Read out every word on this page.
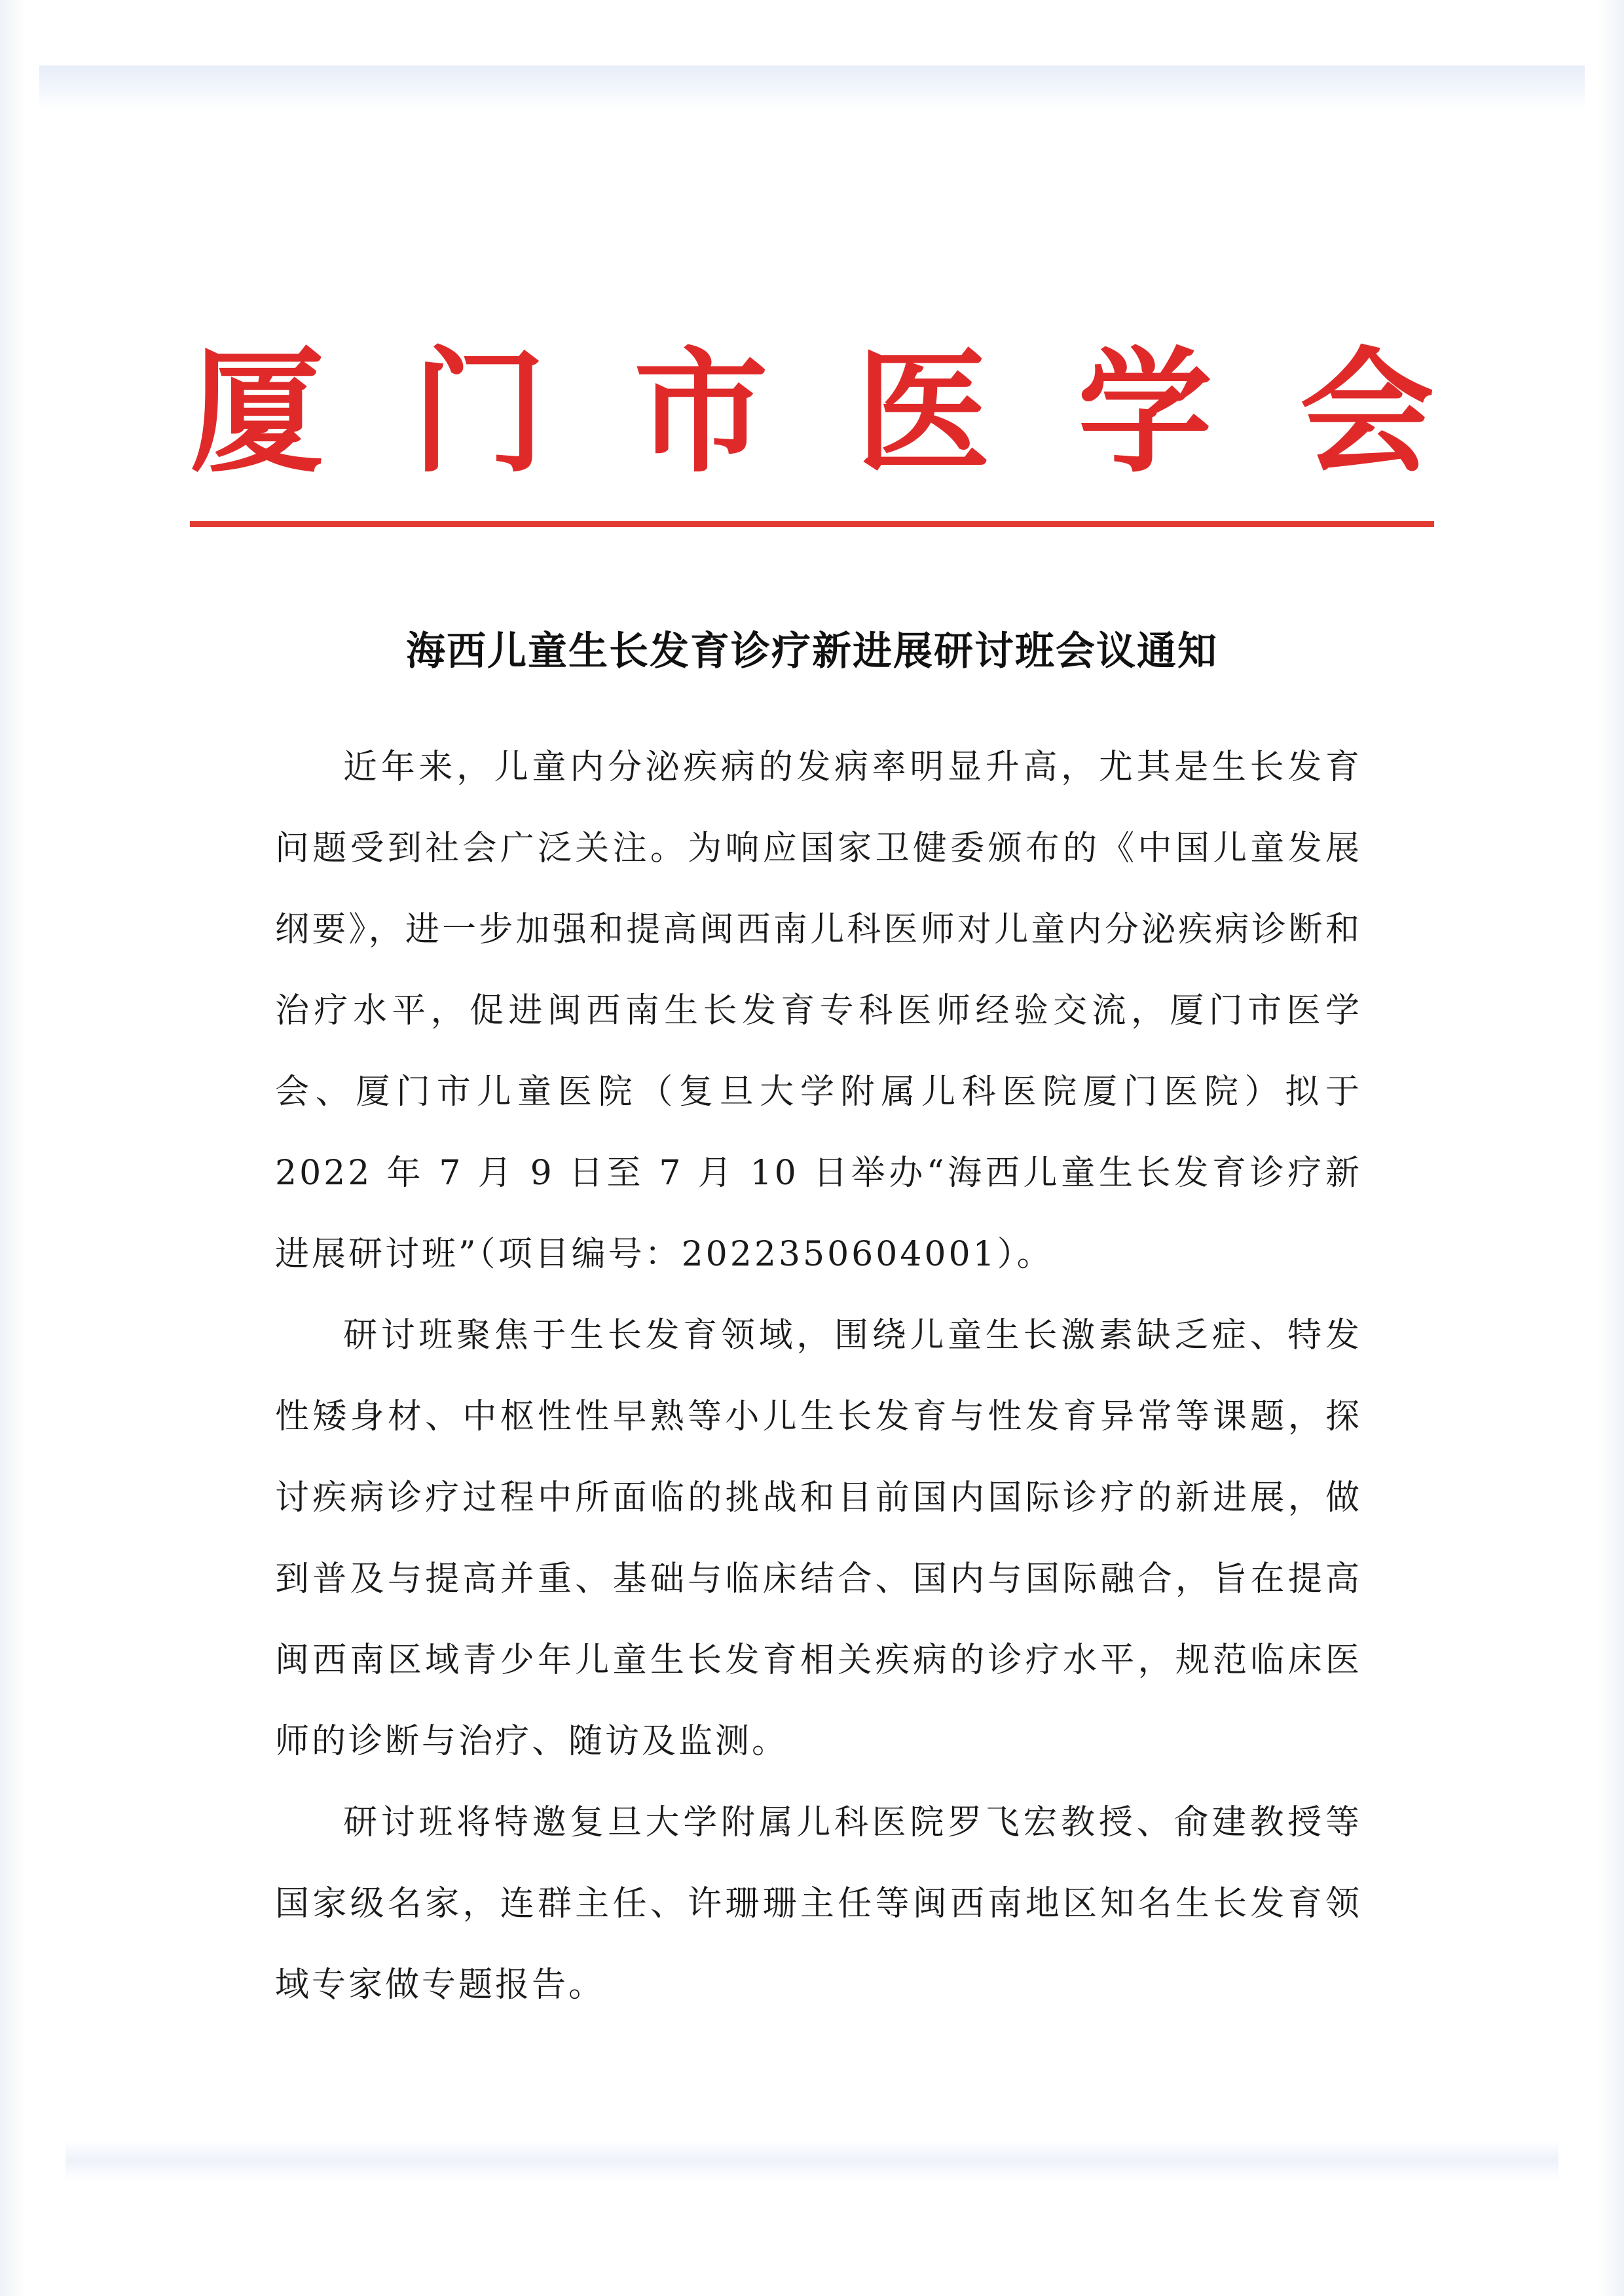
厦 门 市 医 学 会
海西儿童生长发育诊疗新进展研讨班会议通知

近年来，儿童内分泌疾病的发病率明显升高，尤其是生长发育问题受到社会广泛关注。为响应国家卫健委颁布的《中国儿童发展纲要》，进一步加强和提高闽西南儿科医师对儿童内分泌疾病诊断和治疗水平，促进闽西南生长发育专科医师经验交流，厦门市医学会、厦门市儿童医院（复旦大学附属儿科医院厦门医院）拟于 2022 年 7 月 9 日至 7 月 10 日举办“海西儿童生长发育诊疗新进展研讨班”（项目编号：2022350604001）。

研讨班聚焦于生长发育领域，围绕儿童生长激素缺乏症、特发性矮身材、中枢性性早熟等小儿生长发育与性发育异常等课题，探讨疾病诊疗过程中所面临的挑战和目前国内国际诊疗的新进展，做到普及与提高并重、基础与临床结合、国内与国际融合，旨在提高闽西南区域青少年儿童生长发育相关疾病的诊疗水平，规范临床医师的诊断与治疗、随访及监测。

研讨班将特邀复旦大学附属儿科医院罗飞宏教授、俞建教授等国家级名家，连群主任、许珊珊主任等闽西南地区知名生长发育领域专家做专题报告。
